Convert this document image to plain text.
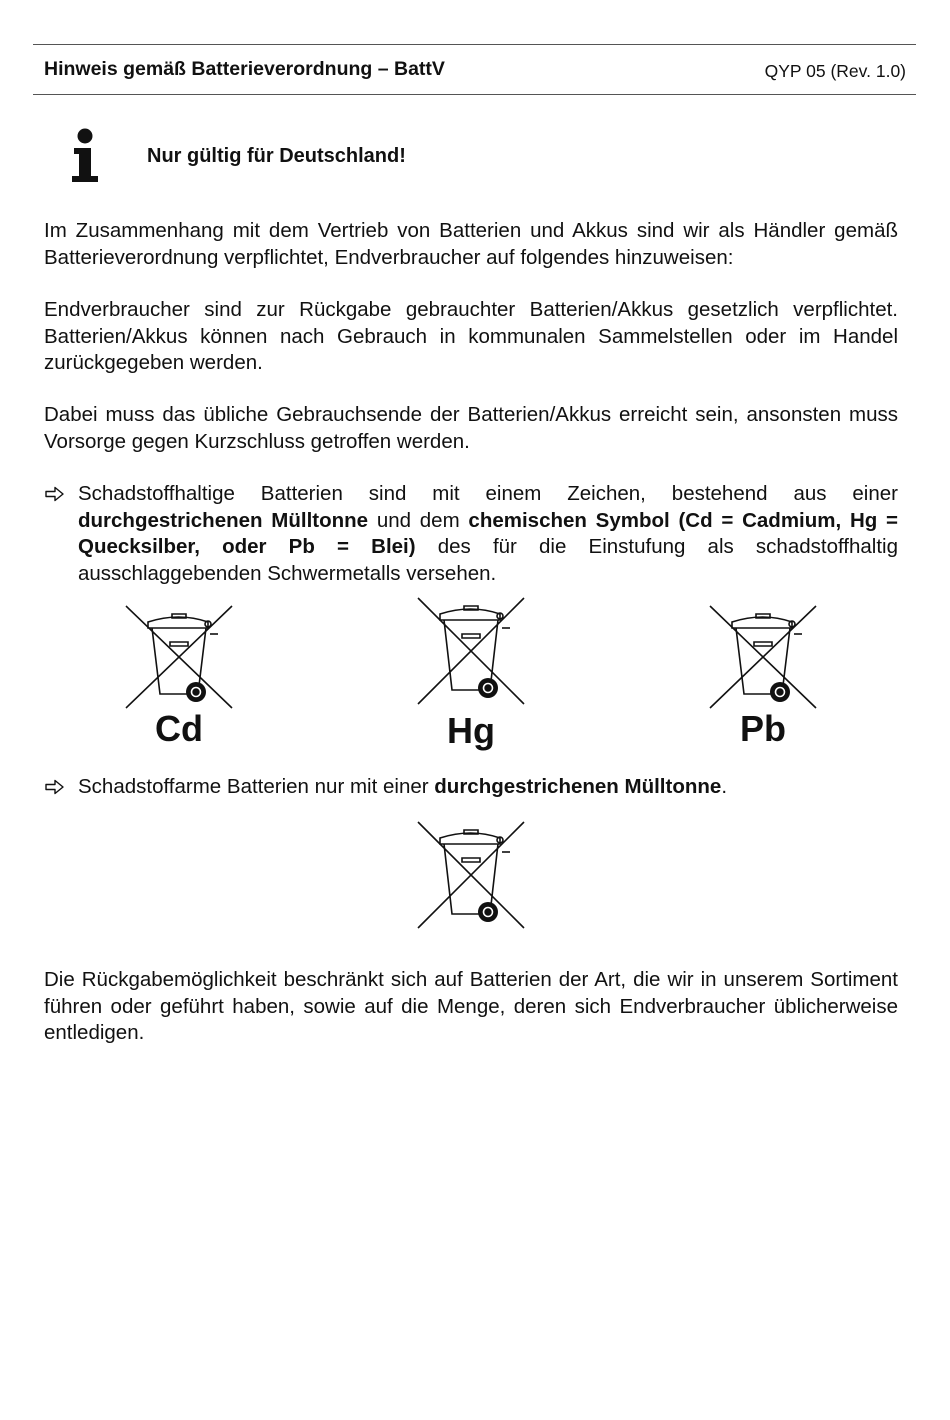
Hinweis gemäß Batterieverordnung – BattV	QYP 05 (Rev. 1.0)
Nur gültig für Deutschland!

Im Zusammenhang mit dem Vertrieb von Batterien und Akkus sind wir als Händler gemäß Batterieverordnung verpflichtet, Endverbraucher auf folgendes hinzuweisen:

Endverbraucher sind zur Rückgabe gebrauchter Batterien/Akkus gesetzlich verpflichtet. Batterien/Akkus können nach Gebrauch in kommunalen Sammelstellen oder im Handel zurückgegeben werden.

Dabei muss das übliche Gebrauchsende der Batterien/Akkus erreicht sein, ansonsten muss Vorsorge gegen Kurzschluss getroffen werden.

Schadstoffhaltige Batterien sind mit einem Zeichen, bestehend aus einer durchgestrichenen Mülltonne und dem chemischen Symbol (Cd = Cadmium, Hg = Quecksilber, oder Pb = Blei) des für die Einstufung als schadstoffhaltig ausschlaggebenden Schwermetalls versehen.

Cd	Hg	Pb

Schadstoffarme Batterien nur mit einer durchgestrichenen Mülltonne.

Die Rückgabemöglichkeit beschränkt sich auf Batterien der Art, die wir in unserem Sortiment führen oder geführt haben, sowie auf die Menge, deren sich Endverbraucher üblicherweise entledigen.
